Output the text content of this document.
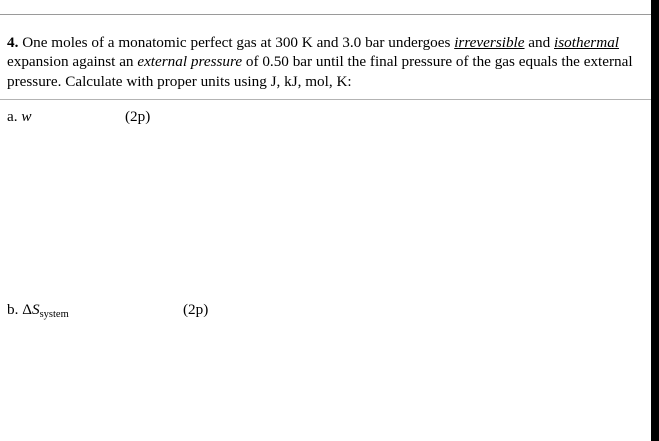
4. One moles of a monatomic perfect gas at 300 K and 3.0 bar undergoes irreversible and isothermal expansion against an external pressure of 0.50 bar until the final pressure of the gas equals the external pressure. Calculate with proper units using J, kJ, mol, K:
a. w	(2p)
b. $\Delta S_{system}$	(2p)
